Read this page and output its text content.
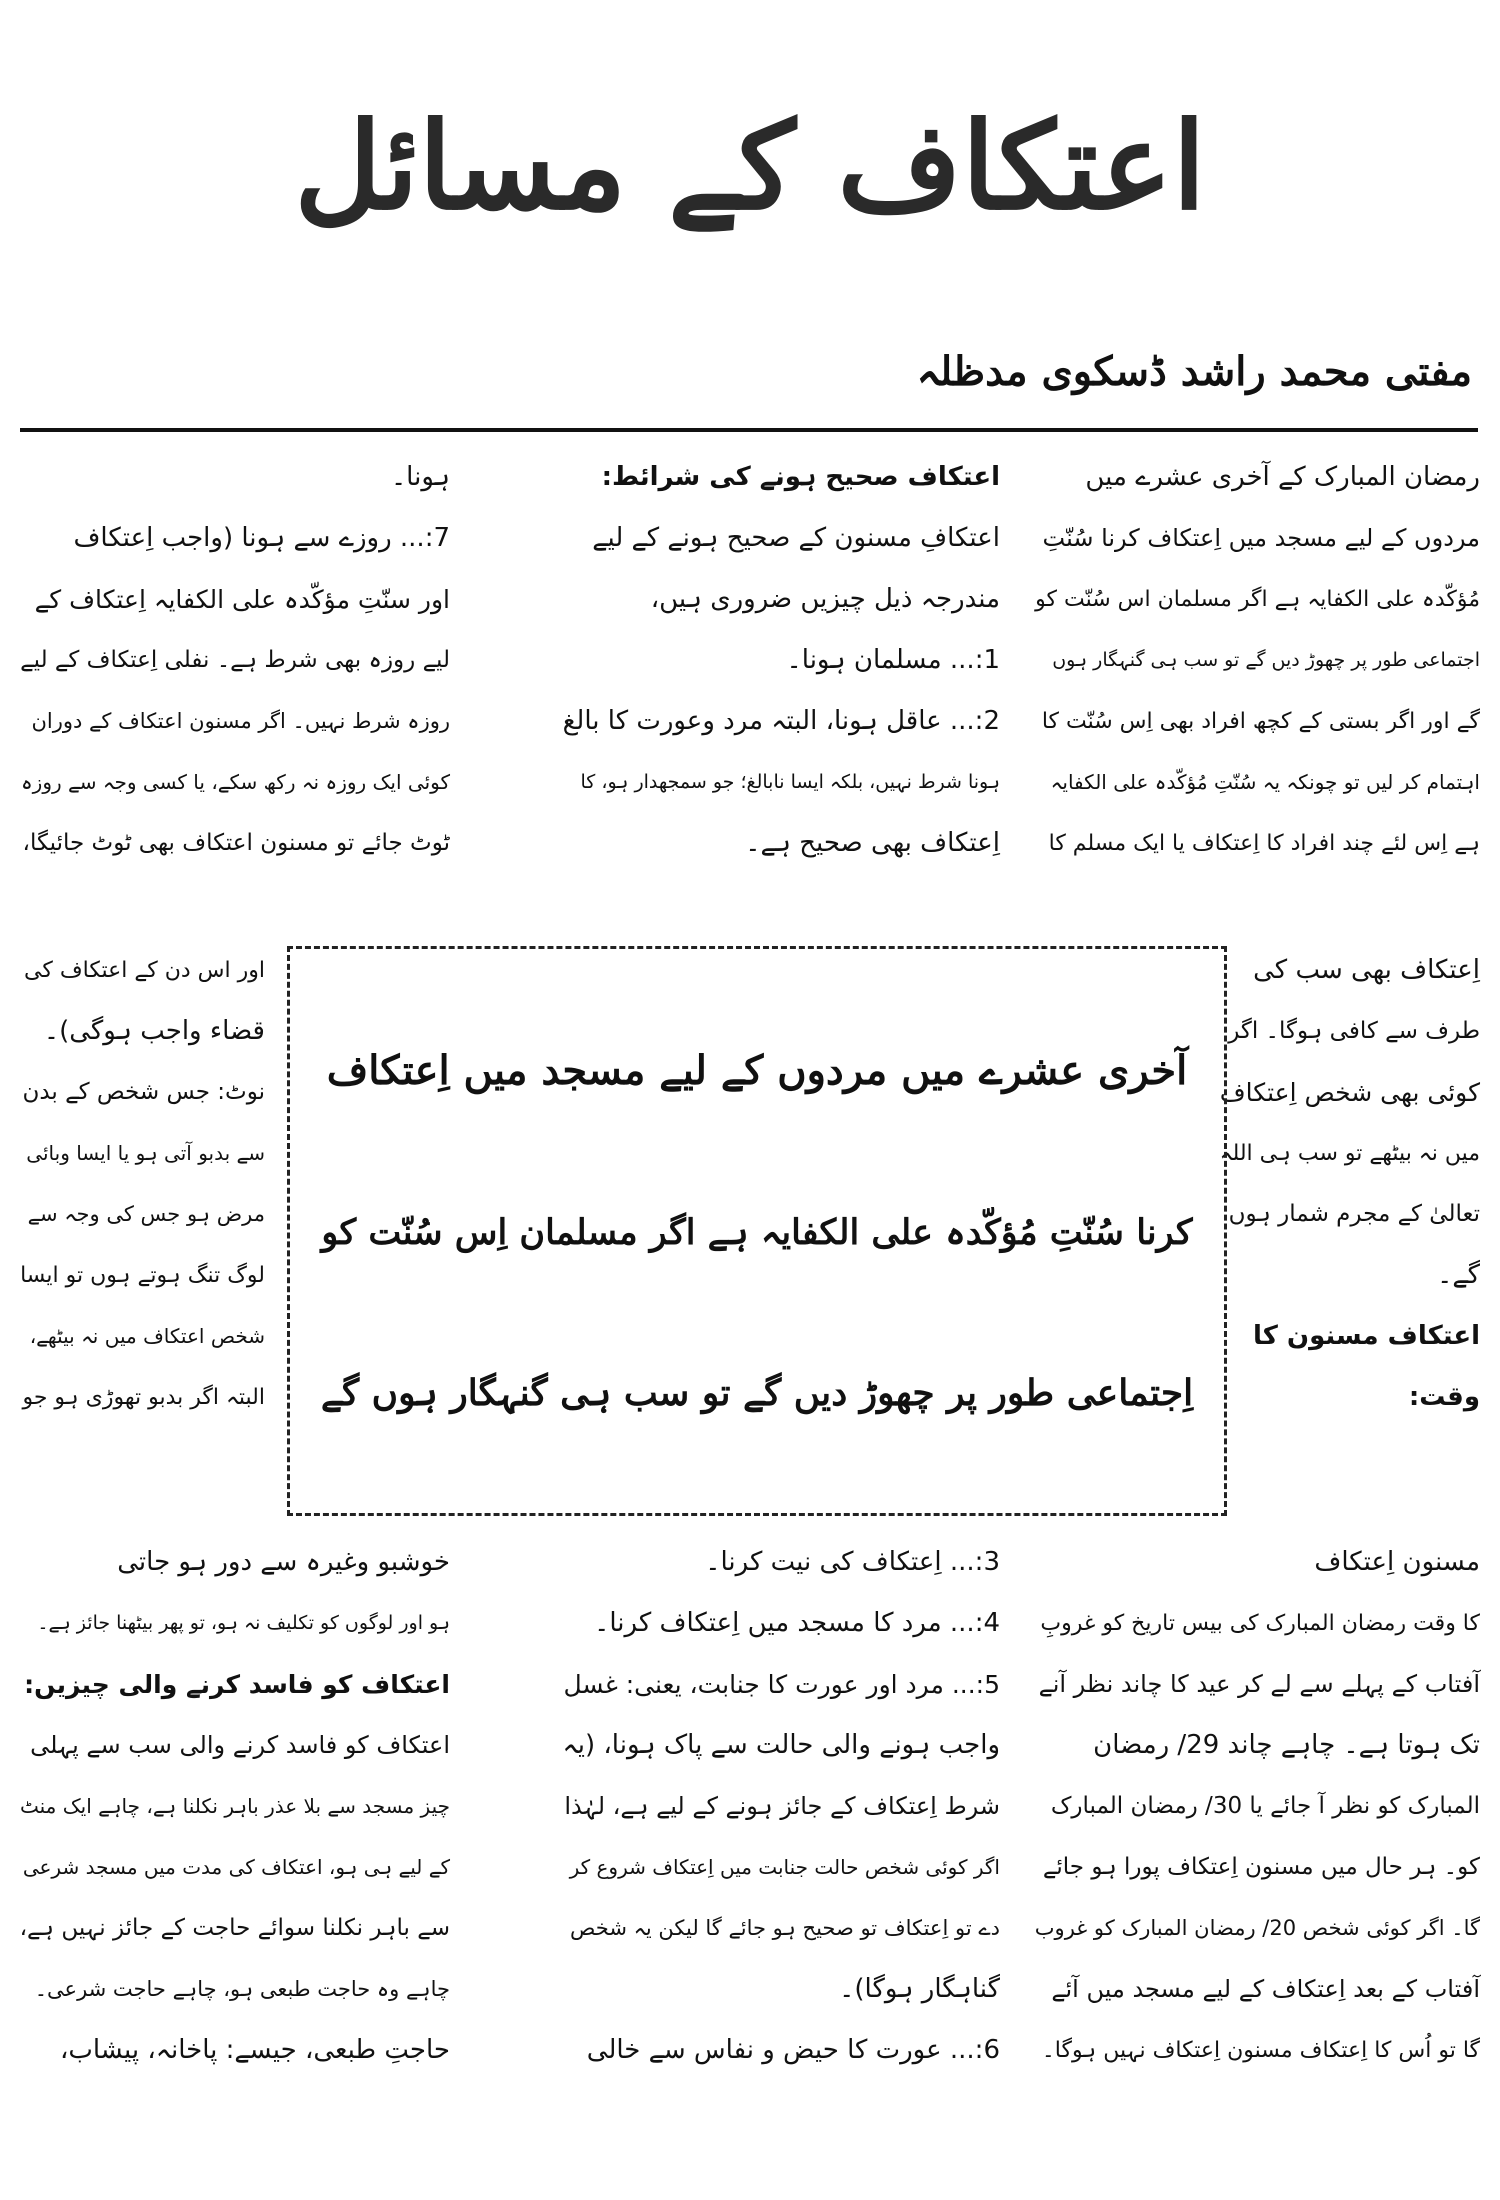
اعتکاف کے مسائل
مفتی محمد راشد ڈسکوی مدظلہ

رمضان المبارک کے آخری عشرے میں

مردوں کے لیے مسجد میں اِعتکاف کرنا سُنّتِ

مُؤکّدہ علی الکفایہ ہے اگر مسلمان اس سُنّت کو

اجتماعی طور پر چھوڑ دیں گے تو سب ہی گنہگار ہوں

گے اور اگر بستی کے کچھ افراد بھی اِس سُنّت کا

اہتمام کر لیں تو چونکہ یہ سُنّتِ مُؤکّدہ علی الکفایہ

ہے اِس لئے چند افراد کا اِعتکاف یا ایک مسلم کا

اِعتکاف بھی سب کی

طرف سے کافی ہوگا۔ اگر

کوئی بھی شخص اِعتکاف

میں نہ بیٹھے تو سب ہی اللہ

تعالیٰ کے مجرم شمار ہوں

گے۔

اعتکاف مسنون کا

وقت:

مسنون اِعتکاف

کا وقت رمضان المبارک کی بیس تاریخ کو غروبِ

آفتاب کے پہلے سے لے کر عید کا چاند نظر آنے

تک ہوتا ہے۔ چاہے چاند 29/ رمضان

المبارک کو نظر آ جائے یا 30/ رمضان المبارک

کو۔ ہر حال میں مسنون اِعتکاف پورا ہو جائے

گا۔ اگر کوئی شخص 20/ رمضان المبارک کو غروب

آفتاب کے بعد اِعتکاف کے لیے مسجد میں آئے

گا تو اُس کا اِعتکاف مسنون اِعتکاف نہیں ہوگا۔

اعتکاف صحیح ہونے کی شرائط:

اعتکافِ مسنون کے صحیح ہونے کے لیے

مندرجہ ذیل چیزیں ضروری ہیں،

1:... مسلمان ہونا۔

2:... عاقل ہونا، البتہ مرد وعورت کا بالغ

ہونا شرط نہیں، بلکہ ایسا نابالغ؛ جو سمجھدار ہو، کا

اِعتکاف بھی صحیح ہے۔

3:... اِعتکاف کی نیت کرنا۔

4:... مرد کا مسجد میں اِعتکاف کرنا۔

5:... مرد اور عورت کا جنابت، یعنی: غسل

واجب ہونے والی حالت سے پاک ہونا، (یہ

شرط اِعتکاف کے جائز ہونے کے لیے ہے، لہٰذا

اگر کوئی شخص حالت جنابت میں اِعتکاف شروع کر

دے تو اِعتکاف تو صحیح ہو جائے گا لیکن یہ شخص

گناہگار ہوگا)۔

6:... عورت کا حیض و نفاس سے خالی

ہونا۔

7:... روزے سے ہونا (واجب اِعتکاف

اور سنّتِ مؤکّدہ علی الکفایہ اِعتکاف کے

لیے روزہ بھی شرط ہے۔ نفلی اِعتکاف کے لیے

روزہ شرط نہیں۔ اگر مسنون اعتکاف کے دوران

کوئی ایک روزہ نہ رکھ سکے، یا کسی وجہ سے روزہ

ٹوٹ جائے تو مسنون اعتکاف بھی ٹوٹ جائیگا،

اور اس دن کے اعتکاف کی

قضاء واجب ہوگی)۔

نوٹ: جس شخص کے بدن

سے بدبو آتی ہو یا ایسا وبائی

مرض ہو جس کی وجہ سے

لوگ تنگ ہوتے ہوں تو ایسا

شخص اعتکاف میں نہ بیٹھے،

البتہ اگر بدبو تھوڑی ہو جو

خوشبو وغیرہ سے دور ہو جاتی

ہو اور لوگوں کو تکلیف نہ ہو، تو پھر بیٹھنا جائز ہے۔

اعتکاف کو فاسد کرنے والی چیزیں:

اعتکاف کو فاسد کرنے والی سب سے پہلی

چیز مسجد سے بلا عذر باہر نکلنا ہے، چاہے ایک منٹ

کے لیے ہی ہو، اعتکاف کی مدت میں مسجد شرعی

سے باہر نکلنا سوائے حاجت کے جائز نہیں ہے،

چاہے وہ حاجت طبعی ہو، چاہے حاجت شرعی۔

حاجتِ طبعی، جیسے: پاخانہ، پیشاب،

آخری عشرے میں مردوں کے لیے مسجد میں اِعتکاف

کرنا سُنّتِ مُؤکّدہ علی الکفایہ ہے اگر مسلمان اِس سُنّت کو

اِجتماعی طور پر چھوڑ دیں گے تو سب ہی گنہگار ہوں گے
